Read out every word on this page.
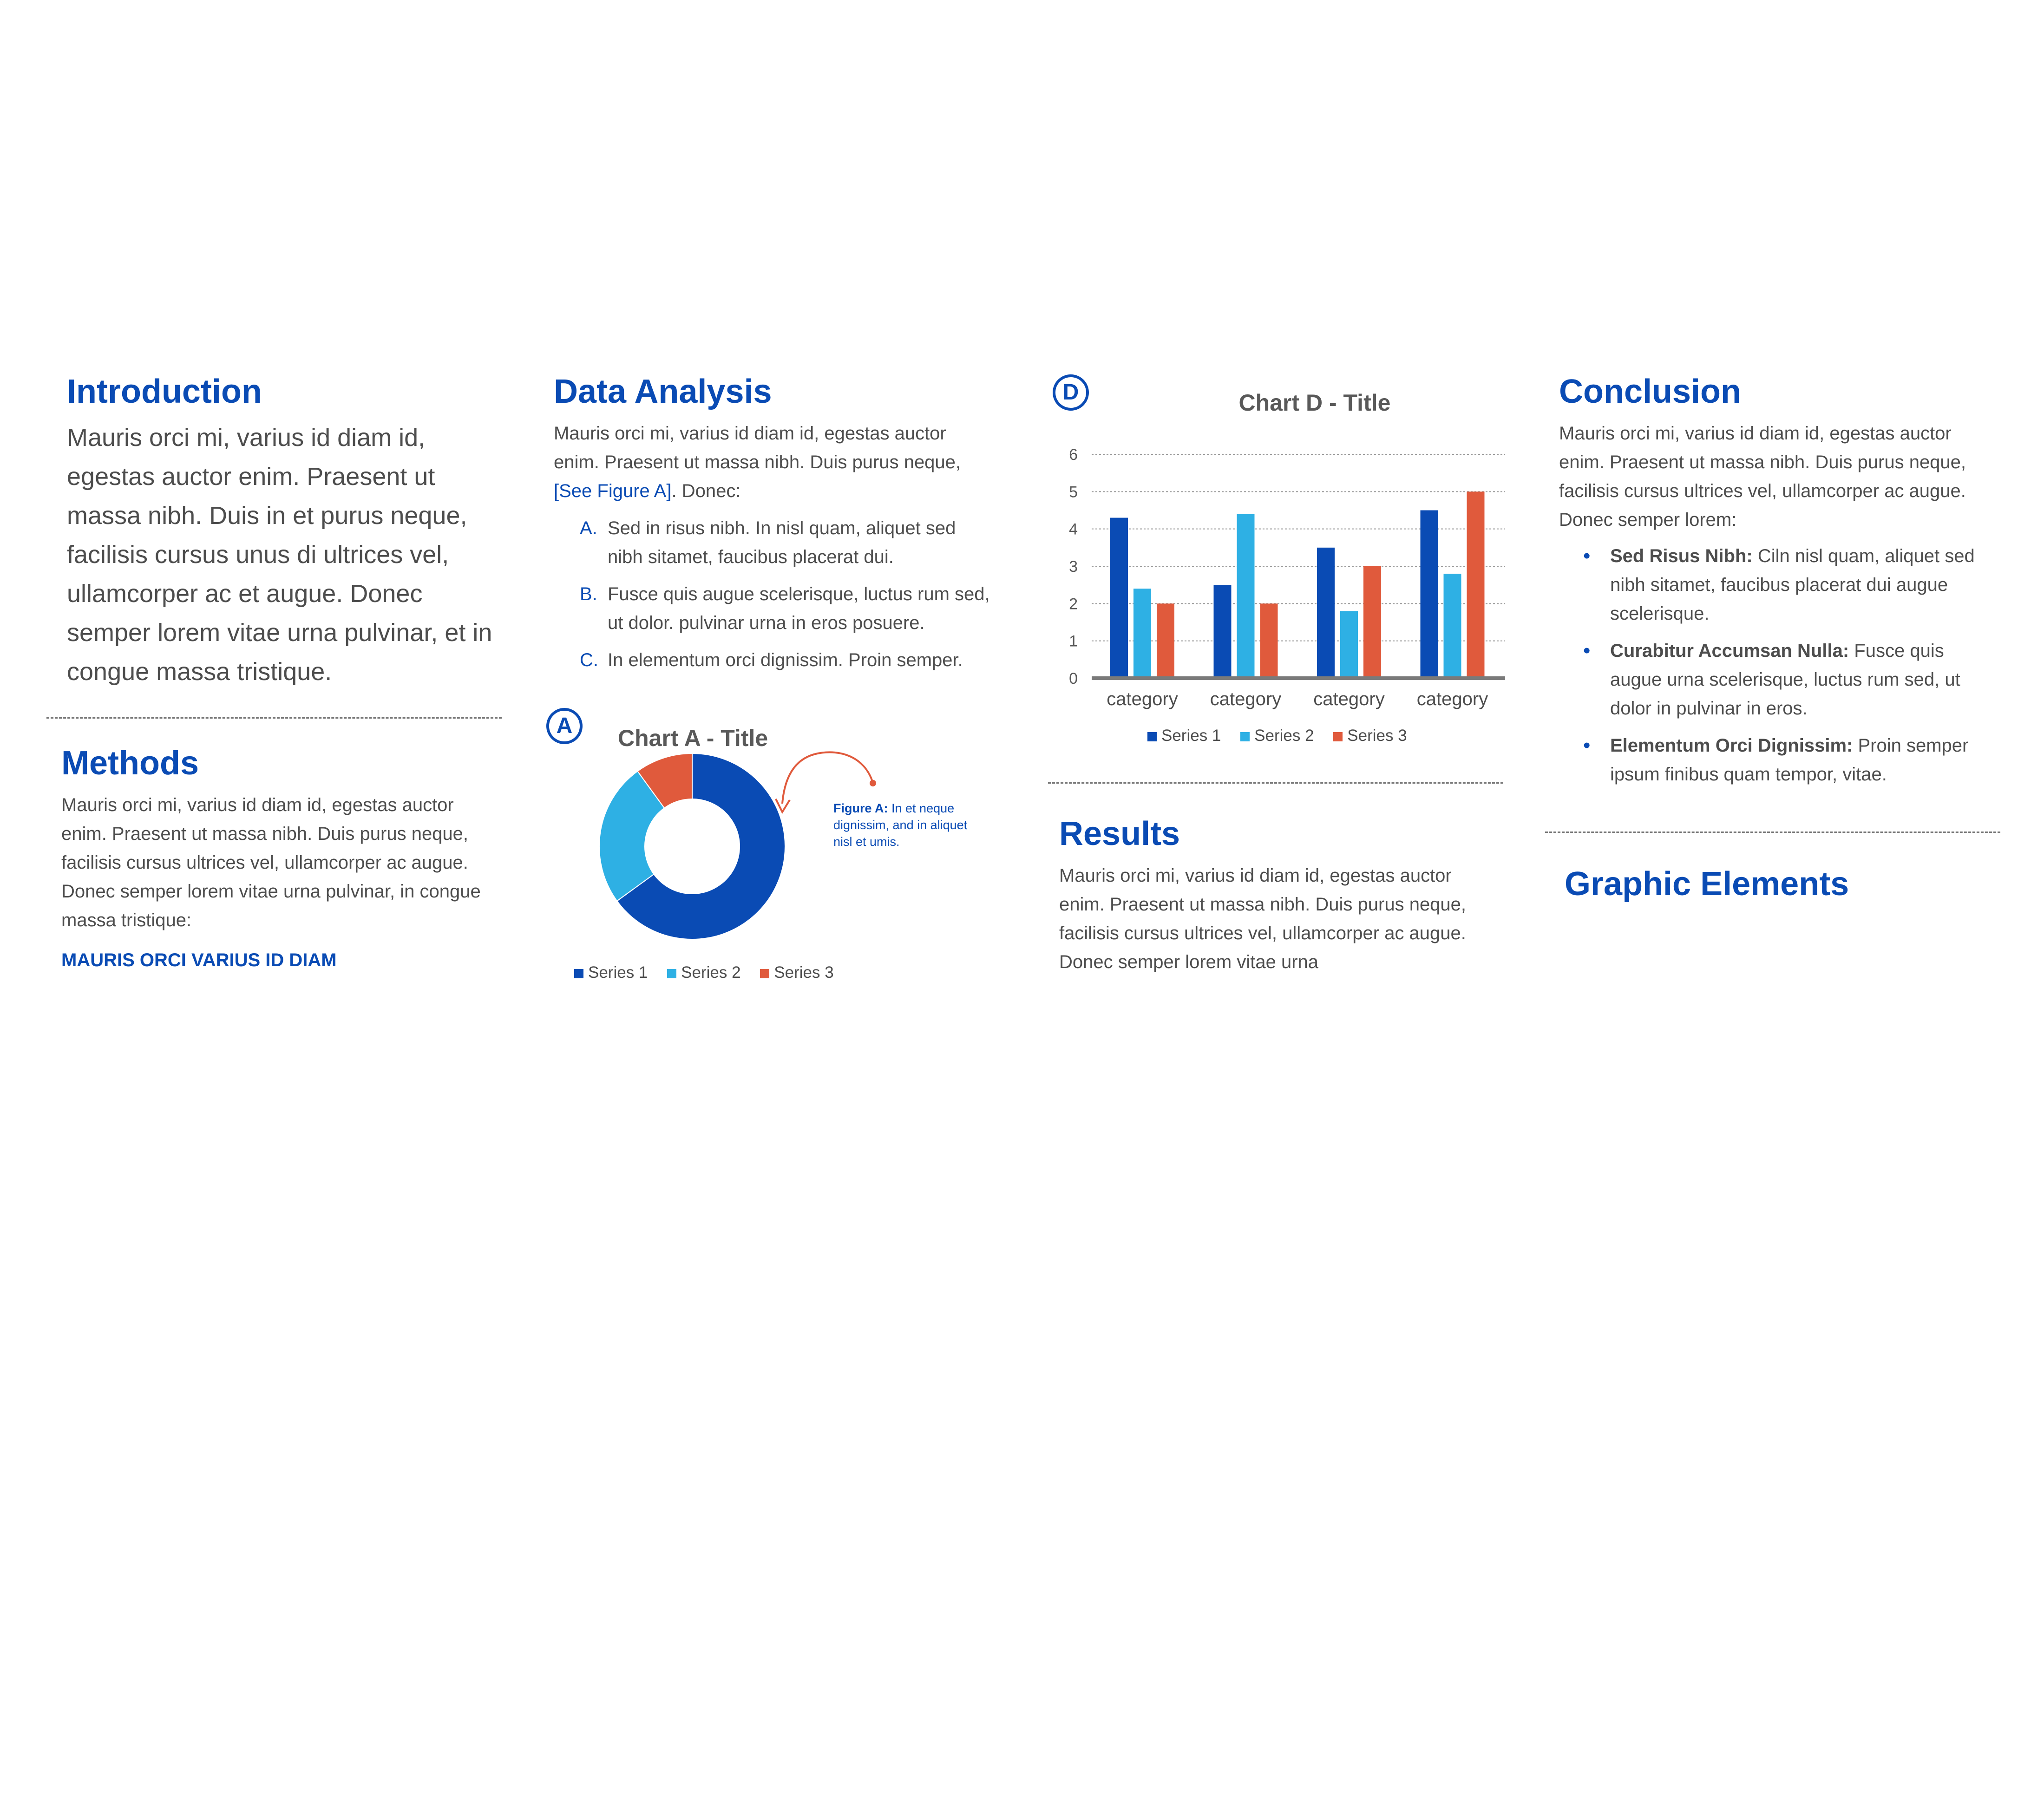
Introduction

Mauris orci mi, varius id diam id, egestas auctor enim. Praesent ut massa nibh. Duis in et purus neque, facilisis cursus unus di ultrices vel, ullamcorper ac et augue. Donec semper lorem vitae urna pulvinar, et in congue massa tristique.

Methods

Mauris orci mi, varius id diam id, egestas auctor enim. Praesent ut massa nibh. Duis purus neque, facilisis cursus ultrices vel, ullamcorper ac augue. Donec semper lorem vitae urna pulvinar, in congue massa tristique:

MAURIS ORCI VARIUS ID DIAM

Data Analysis

Mauris orci mi, varius id diam id, egestas auctor enim. Praesent ut massa nibh. Duis purus neque, [See Figure A]. Donec:

A. Sed in risus nibh. In nisl quam, aliquet sed nibh sitamet, faucibus placerat dui.
B. Fusce quis augue scelerisque, luctus rum sed, ut dolor. pulvinar urna in eros posuere.
C. In elementum orci dignissim. Proin semper.
A	Chart A - Title
Figure A: In et neque dignissim, and in aliquet nisl et umis.
Series 1 Series 2 Series 3
D	Chart D - Title
0
1
2
3
4
5
6
category category category category
Series 1 Series 2 Series 3
Results

Mauris orci mi, varius id diam id, egestas auctor enim. Praesent ut massa nibh. Duis purus neque, facilisis cursus ultrices vel, ullamcorper ac augue. Donec semper lorem vitae urna

Conclusion

Mauris orci mi, varius id diam id, egestas auctor enim. Praesent ut massa nibh. Duis purus neque, facilisis cursus ultrices vel, ullamcorper ac augue. Donec semper lorem:

• Sed Risus Nibh: Ciln nisl quam, aliquet sed nibh sitamet, faucibus placerat dui augue scelerisque.
• Curabitur Accumsan Nulla: Fusce quis augue urna scelerisque, luctus rum sed, ut dolor in pulvinar in eros.
• Elementum Orci Dignissim: Proin semper ipsum finibus quam tempor, vitae.
Graphic Elements
